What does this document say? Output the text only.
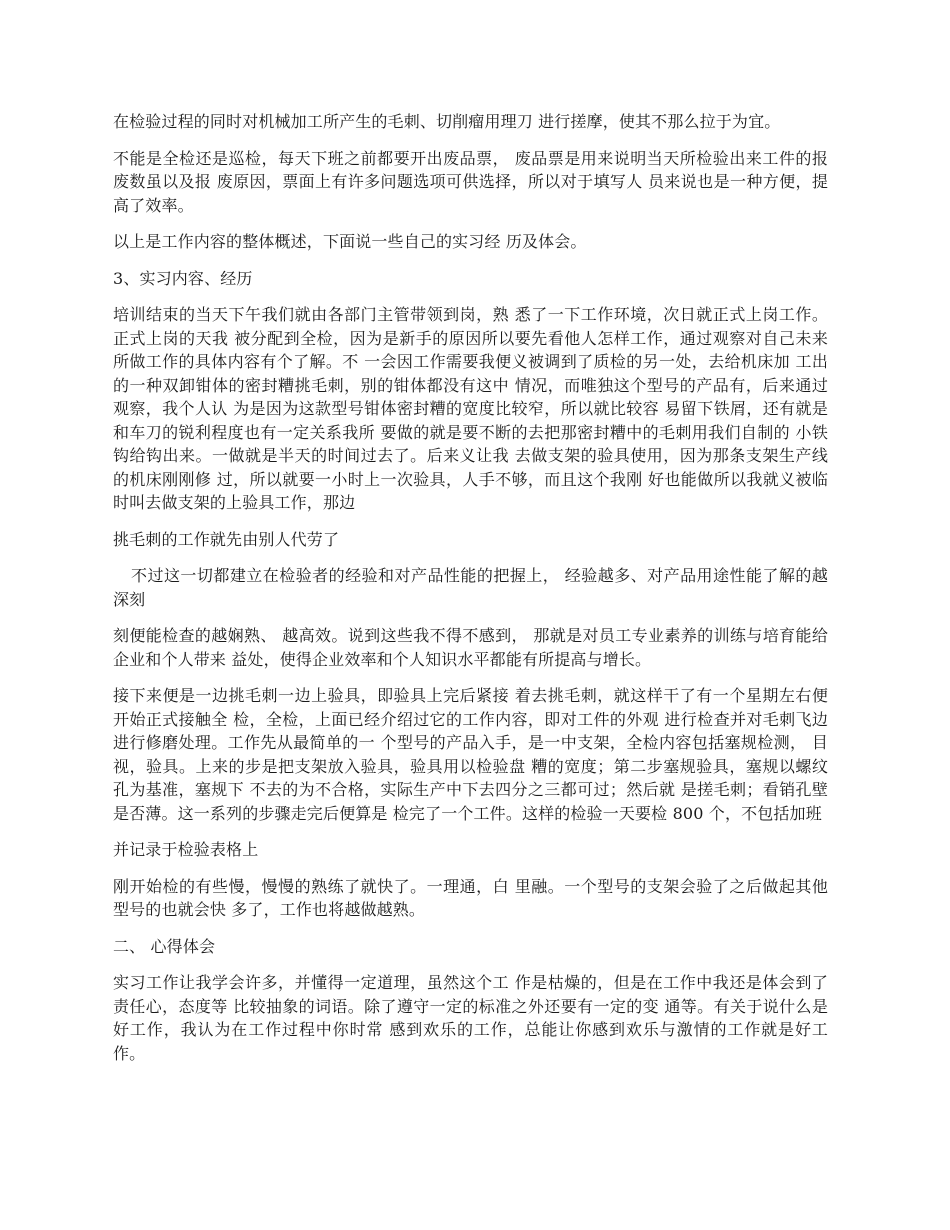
在检验过程的同时对机械加工所产生的毛刺、切削瘤用理刀 进行搓摩，使其不那么拉于为宜。

不能是全检还是巡检，每天下班之前都要开出废品票， 废品票是用来说明当天所检验出来工件的报废数虽以及报 废原因，票面上有许多问题选项可供选择，所以对于填写人 员来说也是一种方便，提高了效率。

以上是工作内容的整体概述，下面说一些自己的实习经 历及体会。

3、实习内容、经历

培训结束的当天下午我们就由各部门主管带领到岗，熟 悉了一下工作环境，次日就正式上岗工作。正式上岗的天我 被分配到全检，因为是新手的原因所以要先看他人怎样工作，通过观察对自己未来所做工作的具体内容有个了解。不 一会因工作需要我便义被调到了质检的另一处，去给机床加 工出的一种双卸钳体的密封糟挑毛刺，别的钳体都没有这中 情况，而唯独这个型号的产品有，后来通过观察，我个人认 为是因为这款型号钳体密封糟的宽度比较窄，所以就比较容 易留下铁屑，还有就是和车刀的锐利程度也有一定关系我所 要做的就是要不断的去把那密封糟中的毛刺用我们自制的 小铁钩给钩出来。一做就是半天的时间过去了。后来义让我 去做支架的验具使用，因为那条支架生产线的机床刚刚修 过，所以就要一小时上一次验具，人手不够，而且这个我刚 好也能做所以我就义被临时叫去做支架的上验具工作，那边

挑毛刺的工作就先由别人代劳了

不过这一切都建立在检验者的经验和对产品性能的把握上， 经验越多、对产品用途性能了解的越深刻

刻便能检查的越娴熟、 越高效。说到这些我不得不感到， 那就是对员工专业素养的训练与培育能给企业和个人带来 益处，使得企业效率和个人知识水平都能有所提高与增长。

接下来便是一边挑毛刺一边上验具，即验具上完后紧接 着去挑毛刺，就这样干了有一个星期左右便开始正式接触全 检，全检，上面已经介绍过它的工作内容，即对工件的外观 进行检查并对毛刺飞边进行修磨处理。工作先从最简单的一 个型号的产品入手，是一中支架，全检内容包括塞规检测， 目视，验具。上来的步是把支架放入验具，验具用以检验盘 糟的宽度；第二步塞规验具，塞规以螺纹孔为基准，塞规下 不去的为不合格，实际生产中下去四分之三都可过；然后就 是搓毛刺；看销孔壁是否薄。这一系列的步骤走完后便算是 检完了一个工件。这样的检验一天要检 800 个，不包括加班

并记录于检验表格上

刚开始检的有些慢，慢慢的熟练了就快了。一理通，白 里融。一个型号的支架会验了之后做起其他型号的也就会快 多了，工作也将越做越熟。

二、 心得体会

实习工作让我学会许多，并懂得一定道理，虽然这个工 作是枯燥的，但是在工作中我还是体会到了责任心，态度等 比较抽象的词语。除了遵守一定的标准之外还要有一定的变 通等。有关于说什么是好工作，我认为在工作过程中你时常 感到欢乐的工作，总能让你感到欢乐与激情的工作就是好工 作。
